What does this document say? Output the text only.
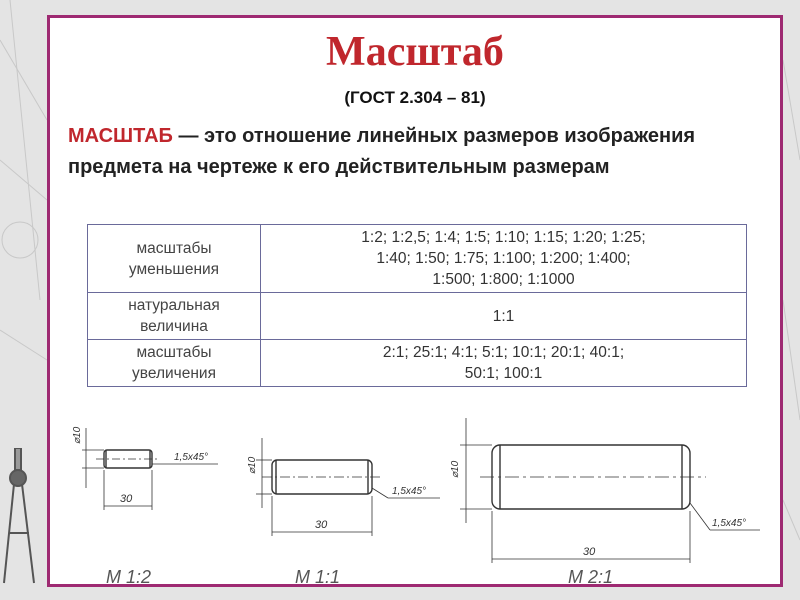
Масштаб
(ГОСТ 2.304 – 81)
МАСШТАБ — это отношение линейных размеров изображения предмета на чертеже к его действительным размерам
масштабы уменьшения	1:2; 1:2,5; 1:4; 1:5; 1:10; 1:15; 1:20; 1:25;
1:40; 1:50; 1:75; 1:100; 1:200; 1:400;
1:500; 1:800; 1:1000

натуральная величина	1:1

масштабы увеличения	2:1; 25:1; 4:1; 5:1; 10:1; 20:1; 40:1;
50:1; 100:1
⌀10
30
1,5x45°
M 1:2
⌀10
30
1,5x45°
M 1:1
⌀10
30
1,5x45°
M 2:1
